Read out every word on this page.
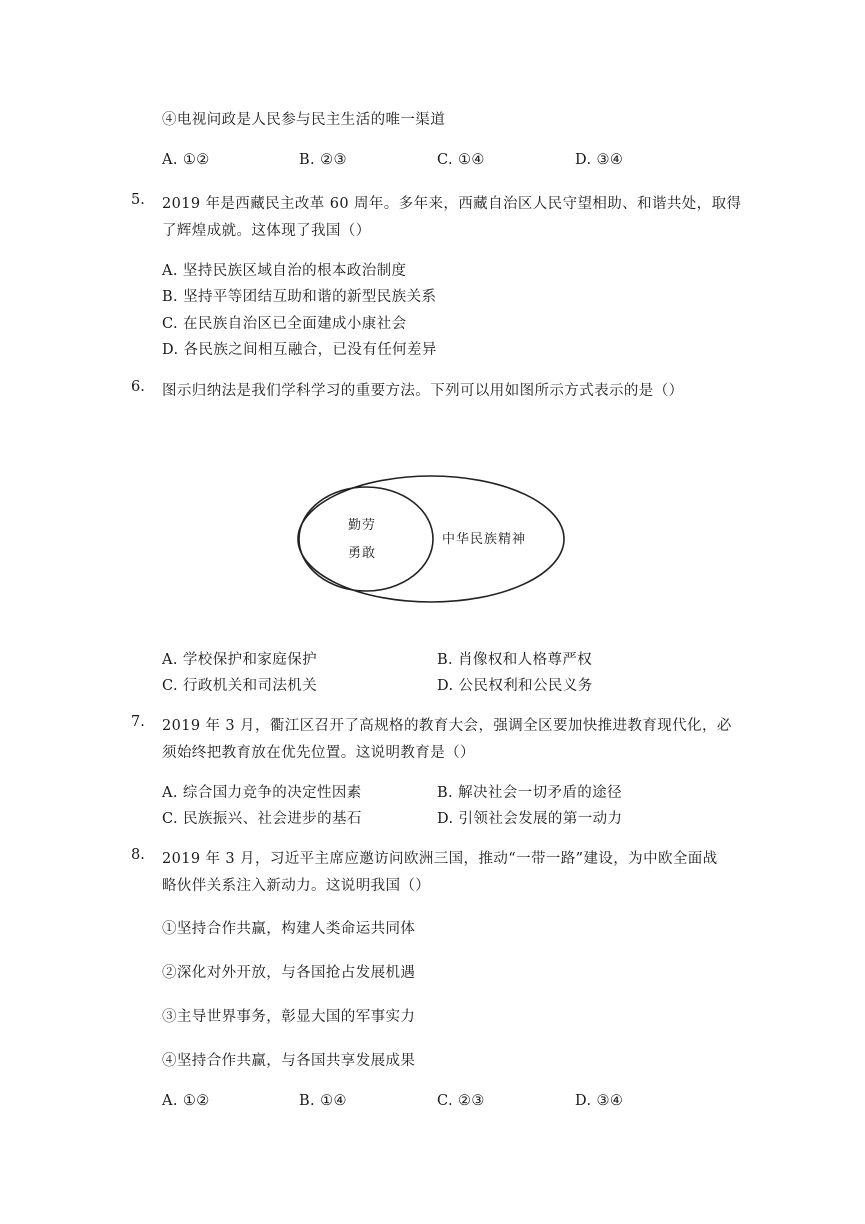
④电视问政是人民参与民主生活的唯一渠道
A. ①②	B. ②③	C. ①④	D. ③④
5. 2019 年是西藏民主改革 60 周年。多年来，西藏自治区人民守望相助、和谐共处，取得
了辉煌成就。这体现了我国（）
A. 坚持民族区域自治的根本政治制度
B. 坚持平等团结互助和谐的新型民族关系
C. 在民族自治区已全面建成小康社会
D. 各民族之间相互融合，已没有任何差异
6. 图示归纳法是我们学科学习的重要方法。下列可以用如图所示方式表示的是（）
勤劳
勇敢
中华民族精神
A. 学校保护和家庭保护	B. 肖像权和人格尊严权
C. 行政机关和司法机关	D. 公民权利和公民义务
7. 2019 年 3 月，衢江区召开了高规格的教育大会，强调全区要加快推进教育现代化，必
须始终把教育放在优先位置。这说明教育是（）
A. 综合国力竞争的决定性因素	B. 解决社会一切矛盾的途径
C. 民族振兴、社会进步的基石	D. 引领社会发展的第一动力
8. 2019 年 3 月，习近平主席应邀访问欧洲三国，推动“一带一路”建设，为中欧全面战
略伙伴关系注入新动力。这说明我国（）
①坚持合作共赢，构建人类命运共同体
②深化对外开放，与各国抢占发展机遇
③主导世界事务，彰显大国的军事实力
④坚持合作共赢，与各国共享发展成果
A. ①②	B. ①④	C. ②③	D. ③④
